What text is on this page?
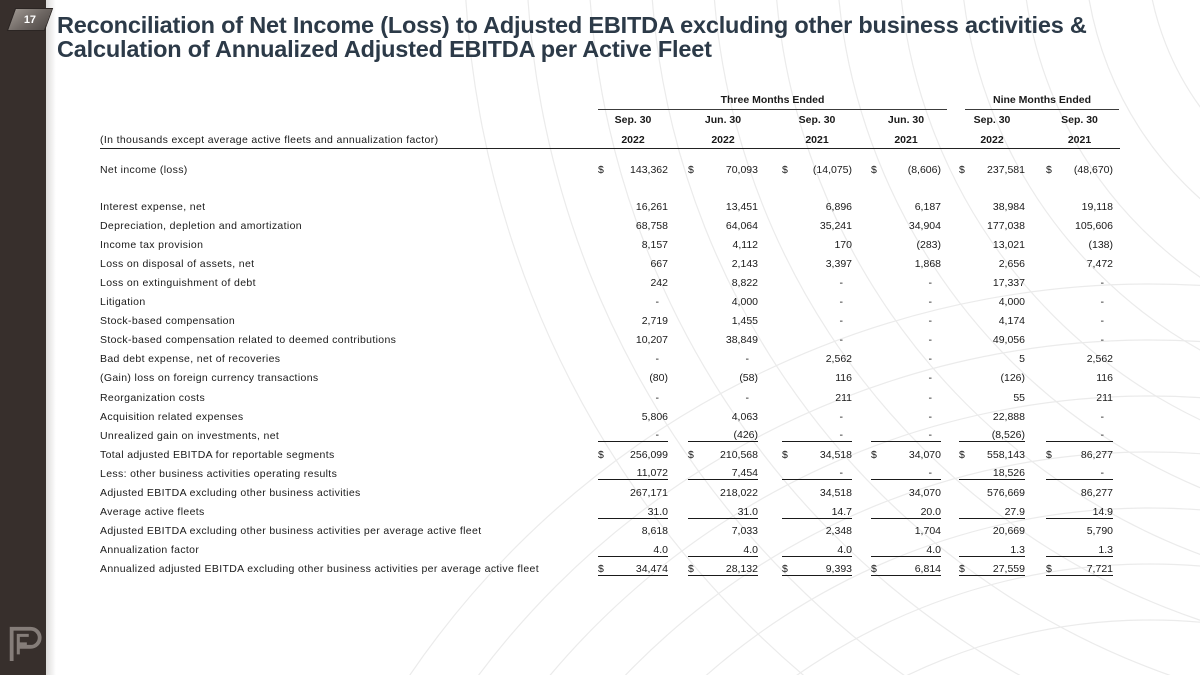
17 Reconciliation of Net Income (Loss) to Adjusted EBITDA excluding other business activities &
Calculation of Annualized Adjusted EBITDA per Active Fleet
Three Months Ended	Nine Months Ended
Sep. 30	Jun. 30	Sep. 30	Jun. 30	Sep. 30	Sep. 30
(In thousands except average active fleets and annualization factor)	2022	2022	2021	2021	2022	2021
Net income (loss)	$	143,362 $	70,093 $	(14,075) $	(8,606) $	237,581 $	(48,670)
Interest expense, net	16,261	13,451	6,896	6,187	38,984	19,118
Depreciation, depletion and amortization	68,758	64,064	35,241	34,904	177,038	105,606
Income tax provision	8,157	4,112	170	(283)	13,021	(138)
Loss on disposal of assets, net	667	2,143	3,397	1,868	2,656	7,472
Loss on extinguishment of debt	242	8,822	-	-	17,337	-
Litigation	-	4,000	-	-	4,000	-
Stock-based compensation	2,719	1,455	-	-	4,174	-
Stock-based compensation related to deemed contributions	10,207	38,849	-	-	49,056	-
Bad debt expense, net of recoveries	-	-	2,562	-	5	2,562
(Gain) loss on foreign currency transactions	(80)	(58)	116	-	(126)	116
Reorganization costs	-	-	211	-	55	211
Acquisition related expenses	5,806	4,063	-	-	22,888	-
Unrealized gain on investments, net	-	(426)	-	-	(8,526)	-
Total adjusted EBITDA for reportable segments	$	256,099 $	210,568 $	34,518 $	34,070 $	558,143 $	86,277
Less: other business activities operating results	11,072	7,454	-	-	18,526	-
Adjusted EBITDA excluding other business activities	267,171	218,022	34,518	34,070	576,669	86,277
Average active fleets	31.0	31.0	14.7	20.0	27.9	14.9
Adjusted EBITDA excluding other business activities per average active fleet	8,618	7,033	2,348	1,704	20,669	5,790
Annualization factor	4.0	4.0	4.0	4.0	1.3	1.3
Annualized adjusted EBITDA excluding other business activities per average active fleet	$	34,474 $	28,132 $	9,393 $	6,814 $	27,559 $	7,721
